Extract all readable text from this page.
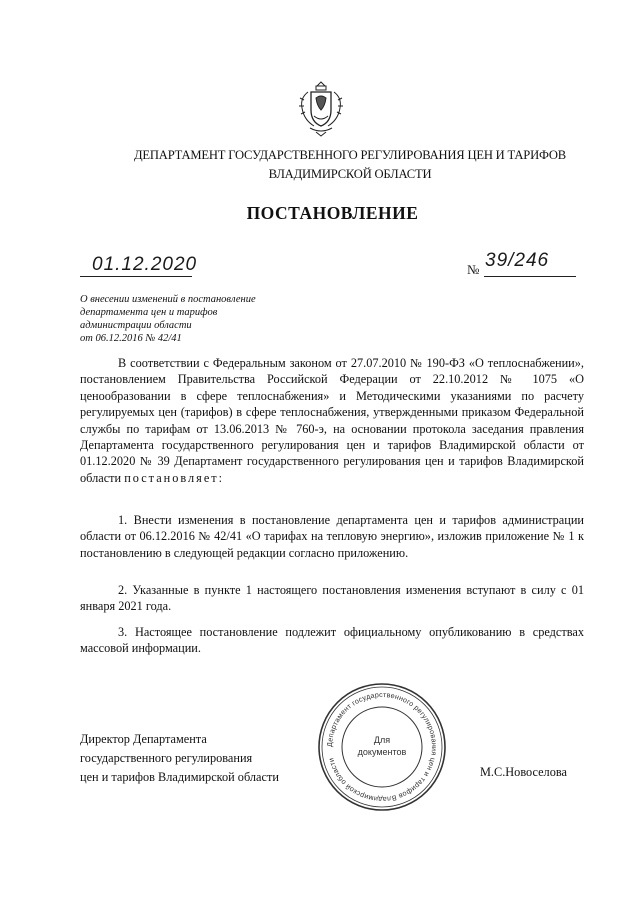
ДЕПАРТАМЕНТ ГОСУДАРСТВЕННОГО РЕГУЛИРОВАНИЯ ЦЕН И ТАРИФОВ
ВЛАДИМИРСКОЙ ОБЛАСТИ
ПОСТАНОВЛЕНИЕ
01.12.2020	№ 39/246
О внесении изменений в постановление
департамента цен и тарифов
администрации области
от 06.12.2016 № 42/41
В соответствии с Федеральным законом от 27.07.2010 № 190-ФЗ «О теплоснабжении», постановлением Правительства Российской Федерации от 22.10.2012 № 1075 «О ценообразовании в сфере теплоснабжения» и Методическими указаниями по расчету регулируемых цен (тарифов) в сфере теплоснабжения, утвержденными приказом Федеральной службы по тарифам от 13.06.2013 № 760-э, на основании протокола заседания правления Департамента государственного регулирования цен и тарифов Владимирской области от 01.12.2020 № 39 Департамент государственного регулирования цен и тарифов Владимирской области постановляет:
1. Внести изменения в постановление департамента цен и тарифов администрации области от 06.12.2016 № 42/41 «О тарифах на тепловую энергию», изложив приложение № 1 к постановлению в следующей редакции согласно приложению.
2. Указанные в пункте 1 настоящего постановления изменения вступают в силу с 01 января 2021 года.
3. Настоящее постановление подлежит официальному опубликованию в средствах массовой информации.
Директор Департамента
государственного регулирования
цен и тарифов Владимирской области	М.С.Новоселова
Департамент государственного регулирования цен и тарифов Владимирской области
Для
документов
